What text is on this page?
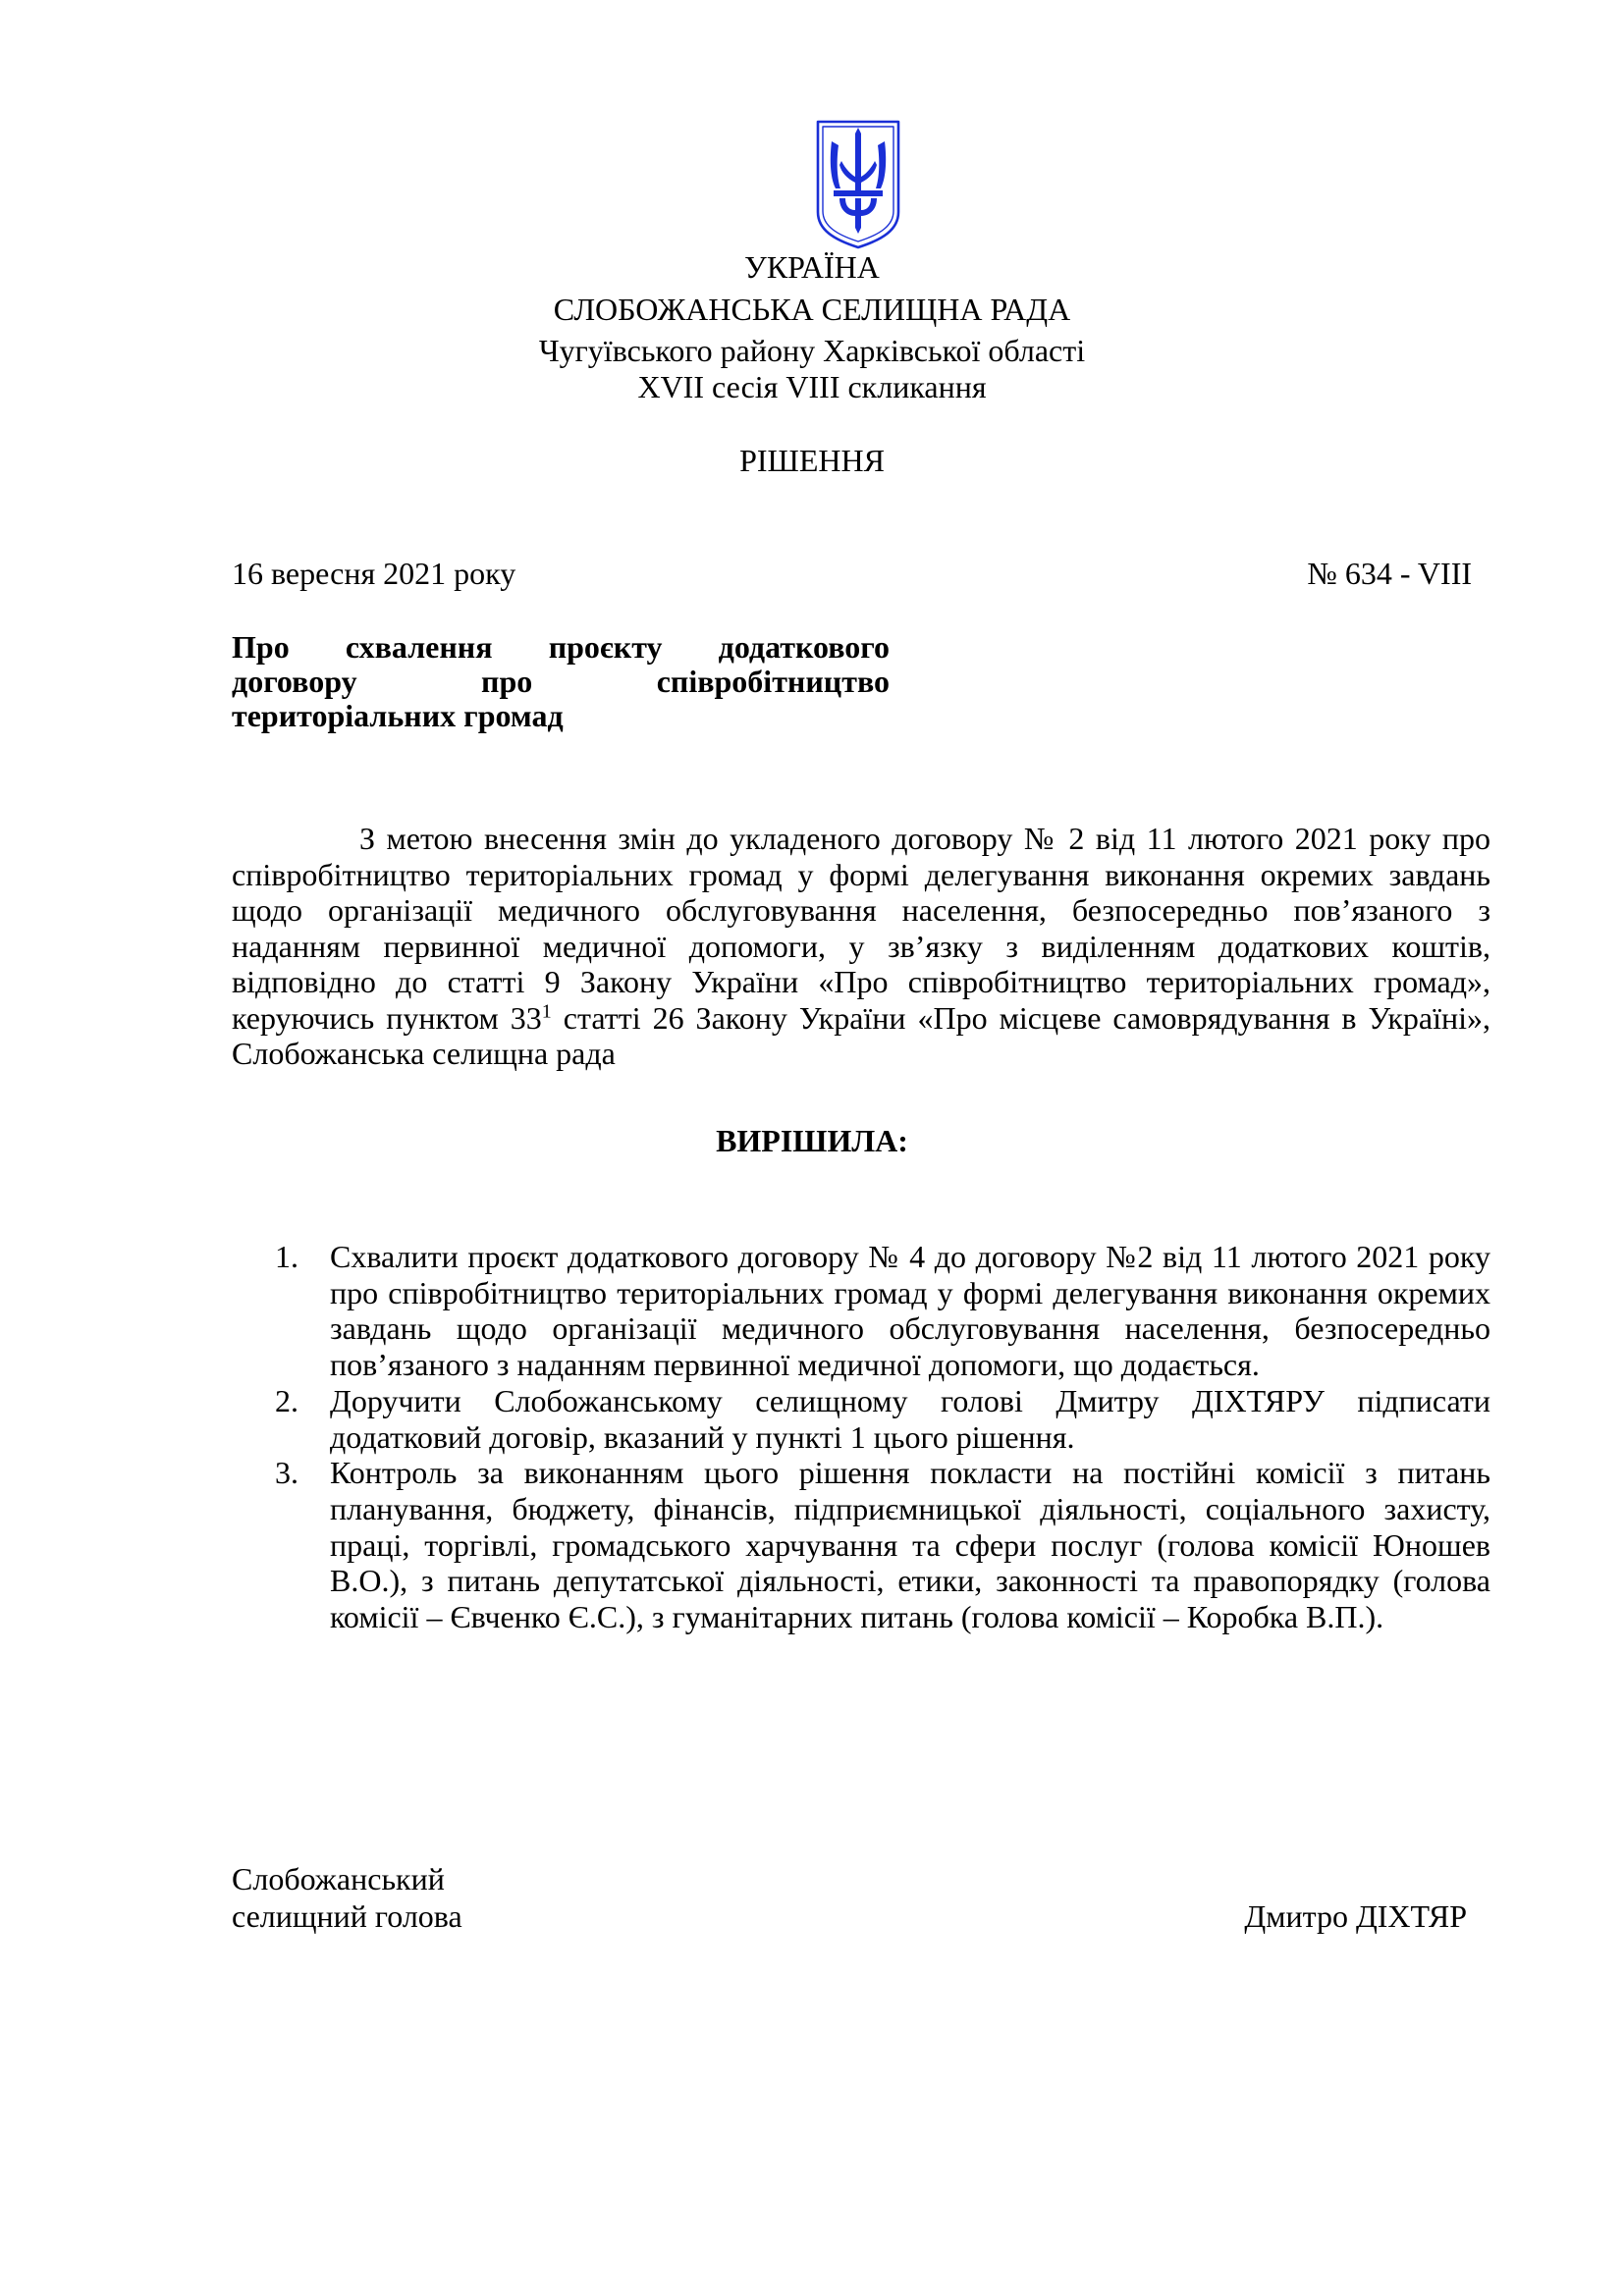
УКРАЇНА
СЛОБОЖАНСЬКА СЕЛИЩНА РАДА
Чугуївського району Харківської області
XVII сесія VIII скликання
РІШЕННЯ
16 вересня 2021 року	№ 634 - VIII
Про схвалення проєкту додаткового
договору про співробітництво
територіальних громад
З метою внесення змін до укладеного договору № 2 від 11 лютого 2021 року про співробітництво територіальних громад у формі делегування виконання окремих завдань щодо організації медичного обслуговування населення, безпосередньо пов’язаного з наданням первинної медичної допомоги, у зв’язку з виділенням додаткових коштів, відповідно до статті 9 Закону України «Про співробітництво територіальних громад», керуючись пунктом $33^1$ статті 26 Закону України «Про місцеве самоврядування в Україні», Слобожанська селищна рада
ВИРІШИЛА:
1. Схвалити проєкт додаткового договору № 4 до договору №2 від 11 лютого 2021 року про співробітництво територіальних громад у формі делегування виконання окремих завдань щодо організації медичного обслуговування населення, безпосередньо пов’язаного з наданням первинної медичної допомоги, що додається.
2. Доручити Слобожанському селищному голові Дмитру ДІХТЯРУ підписати додатковий договір, вказаний у пункті 1 цього рішення.
3. Контроль за виконанням цього рішення покласти на постійні комісії з питань планування, бюджету, фінансів, підприємницької діяльності, соціального захисту, праці, торгівлі, громадського харчування та сфери послуг (голова комісії Юношев В.О.), з питань депутатської діяльності, етики, законності та правопорядку (голова комісії – Євченко Є.С.), з гуманітарних питань (голова комісії – Коробка В.П.).
Слобожанський
селищний голова	Дмитро ДІХТЯР
